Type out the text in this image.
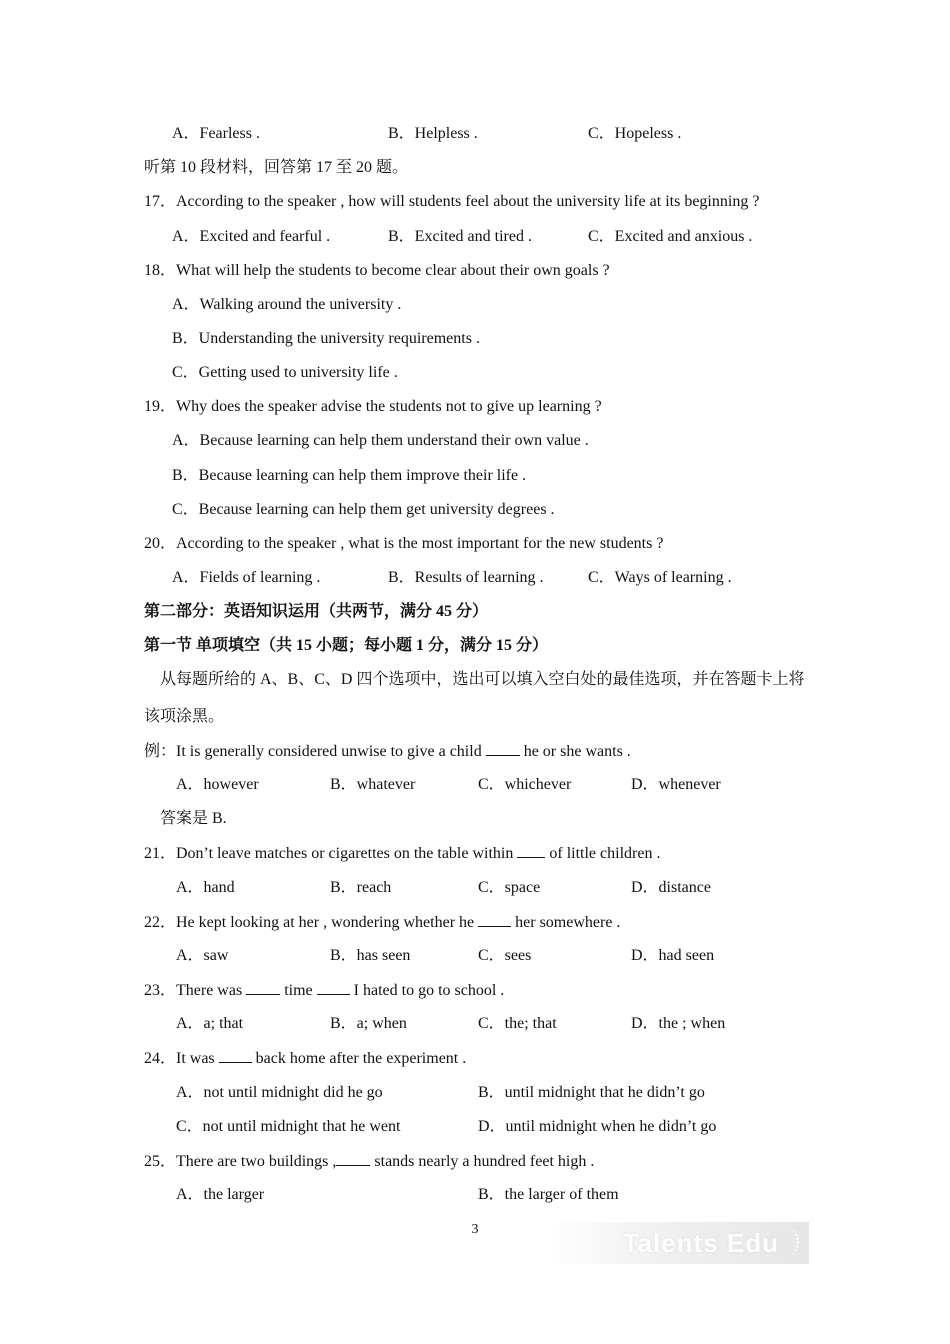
A．Fearless .	B．Helpless .	C．Hopeless .
听第 10 段材料，回答第 17 至 20 题。
17．According to the speaker , how will students feel about the university life at its beginning ?
A．Excited and fearful .	B．Excited and tired .	C．Excited and anxious .
18．What will help the students to become clear about their own goals ?
A．Walking around the university .
B．Understanding the university requirements .
C．Getting used to university life .
19．Why does the speaker advise the students not to give up learning ?
A．Because learning can help them understand their own value .
B．Because learning can help them improve their life .
C．Because learning can help them get university degrees .
20．According to the speaker , what is the most important for the new students ?
A．Fields of learning .	B．Results of learning .	C．Ways of learning .
第二部分：英语知识运用（共两节，满分 45 分）
第一节 单项填空（共 15 小题；每小题 1 分，满分 15 分）
从每题所给的 A、B、C、D 四个选项中，选出可以填入空白处的最佳选项，并在答题卡上将
该项涂黑。
例：It is generally considered unwise to give a child  he or she wants .
A．however	B．whatever	C．whichever	D．whenever
答案是 B.
21．Don’t leave matches or cigarettes on the table within  of little children .
A．hand	B．reach	C．space	D．distance
22．He kept looking at her , wondering whether he  her somewhere .
A．saw	B．has seen	C．sees	D．had seen
23．There was  time  I hated to go to school .
A．a; that	B．a; when	C．the; that	D．the ; when
24．It was  back home after the experiment .
A．not until midnight did he go	B．until midnight that he didn’t go
C．not until midnight that he went	D．until midnight when he didn’t go
25．There are two buildings , stands nearly a hundred feet high .
A．the larger	B．the larger of them
3	Talents Edu
